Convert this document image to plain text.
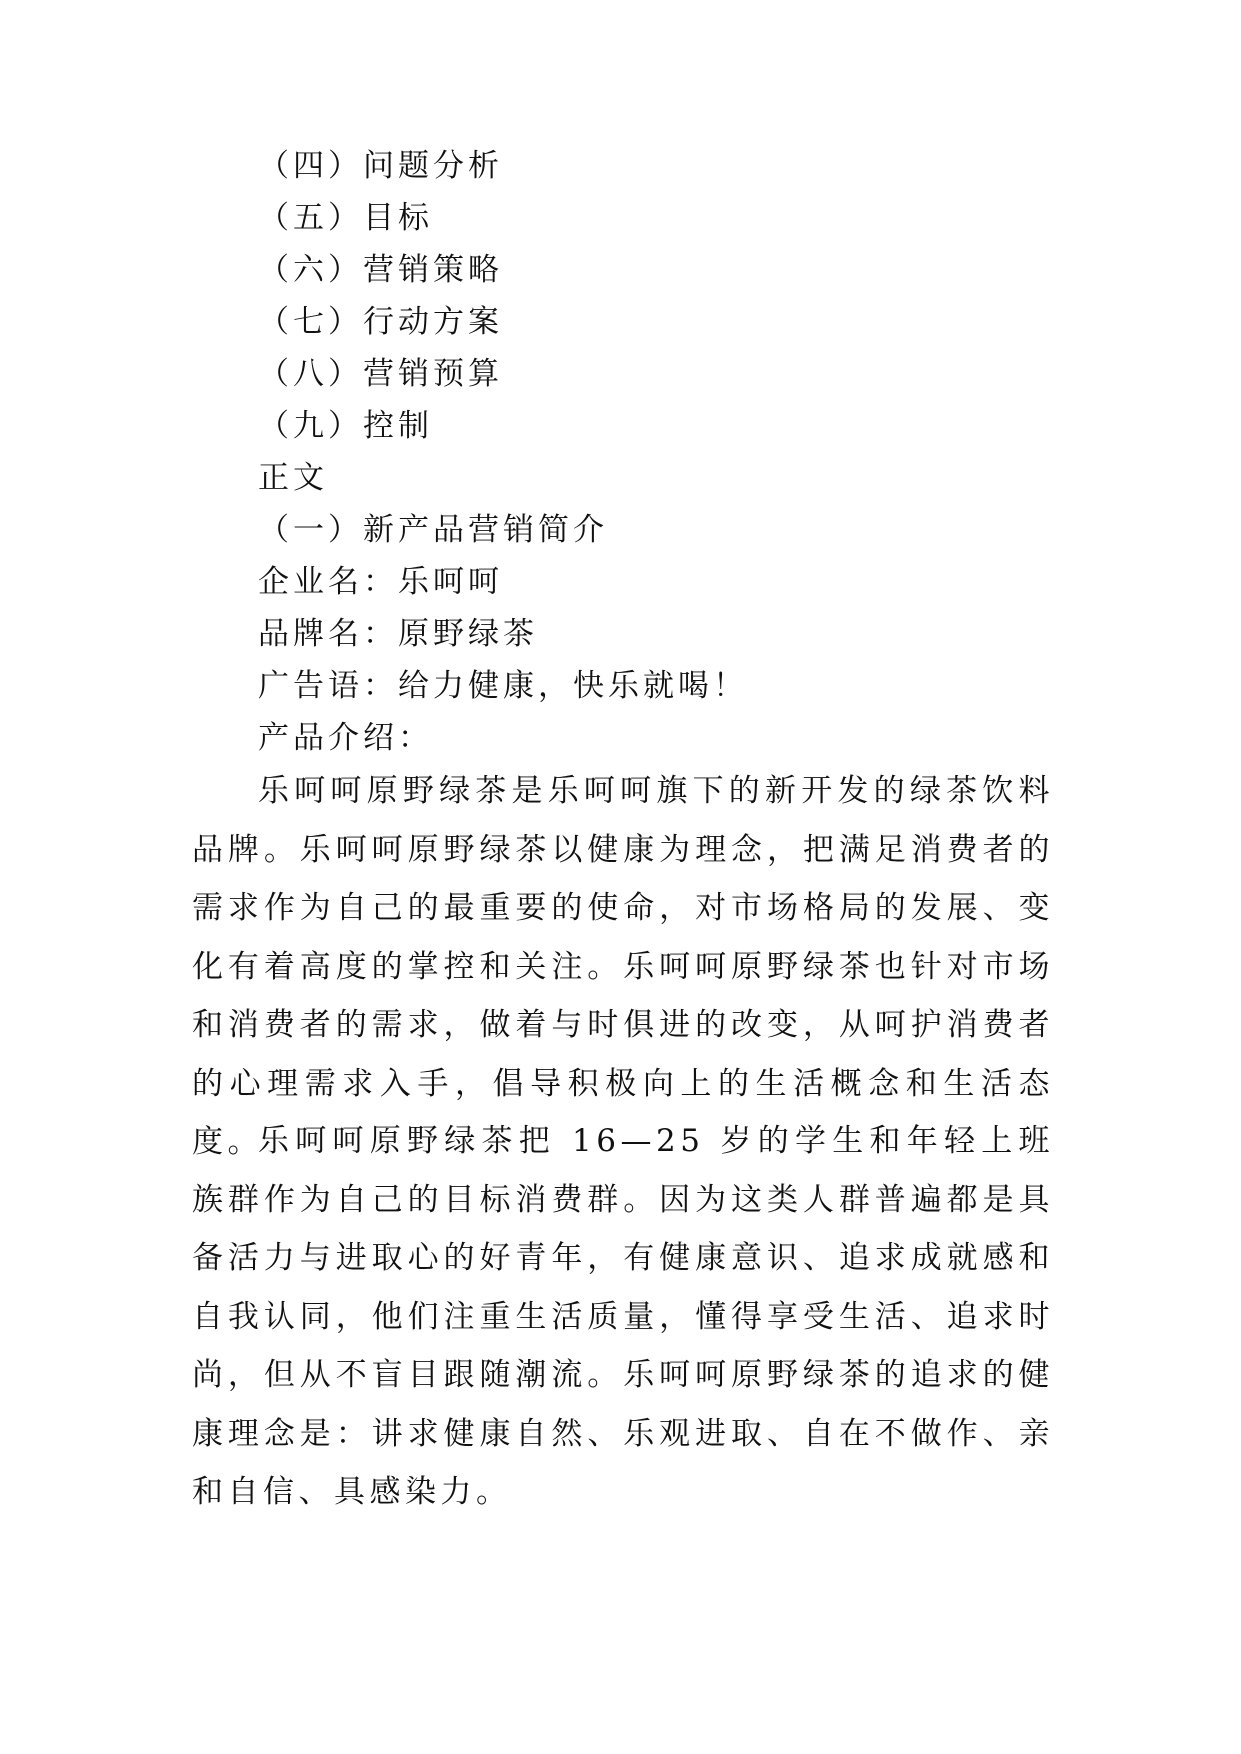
（四）问题分析
（五）目标
（六）营销策略
（七）行动方案
（八）营销预算
（九）控制
正文
（一）新产品营销简介
企业名：乐呵呵
品牌名：原野绿茶
广告语：给力健康，快乐就喝！
产品介绍：

乐呵呵原野绿茶是乐呵呵旗下的新开发的绿茶饮料品牌。乐呵呵原野绿茶以健康为理念，把满足消费者的需求作为自己的最重要的使命，对市场格局的发展、变化有着高度的掌控和关注。乐呵呵原野绿茶也针对市场和消费者的需求，做着与时俱进的改变，从呵护消费者的心理需求入手，倡导积极向上的生活概念和生活态度。

乐呵呵原野绿茶把 16—25 岁的学生和年轻上班族群作为自己的目标消费群。因为这类人群普遍都是具备活力与进取心的好青年，有健康意识、追求成就感和自我认同，他们注重生活质量，懂得享受生活、追求时尚，但从不盲目跟随潮流。乐呵呵原野绿茶的追求的健康理念是：讲求健康自然、乐观进取、自在不做作、亲和自信、具感染力。
